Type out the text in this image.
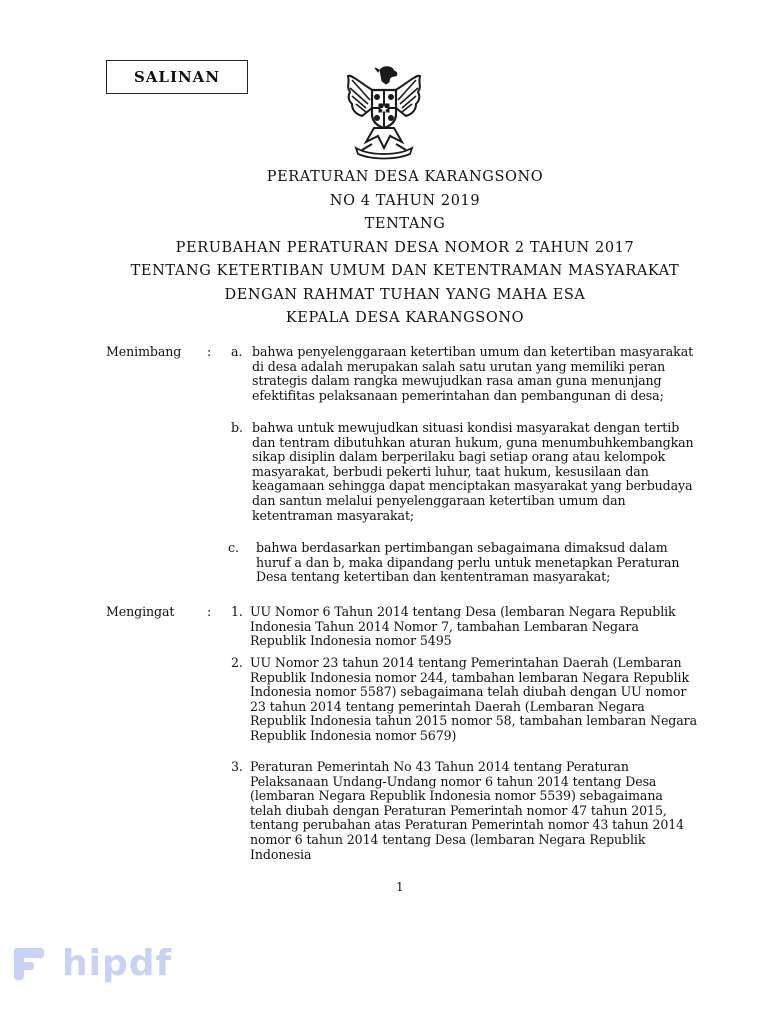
SALINAN
PERATURAN DESA KARANGSONO
NO 4 TAHUN 2019
TENTANG
PERUBAHAN PERATURAN DESA NOMOR 2 TAHUN 2017
TENTANG KETERTIBAN UMUM DAN KETENTRAMAN MASYARAKAT
DENGAN RAHMAT TUHAN YANG MAHA ESA
KEPALA DESA KARANGSONO
Menimbang : a. bahwa penyelenggaraan ketertiban umum dan ketertiban masyarakat di desa adalah merupakan salah satu urutan yang memiliki peran strategis dalam rangka mewujudkan rasa aman guna menunjang efektifitas pelaksanaan pemerintahan dan pembangunan di desa;
b. bahwa untuk mewujudkan situasi kondisi masyarakat dengan tertib dan tentram dibutuhkan aturan hukum, guna menumbuhkembangkan sikap disiplin dalam berperilaku bagi setiap orang atau kelompok masyarakat, berbudi pekerti luhur, taat hukum, kesusilaan dan keagamaan sehingga dapat menciptakan masyarakat yang berbudaya dan santun melalui penyelenggaraan ketertiban umum dan ketentraman masyarakat;
c. bahwa berdasarkan pertimbangan sebagaimana dimaksud dalam huruf a dan b, maka dipandang perlu untuk menetapkan Peraturan Desa tentang ketertiban dan kententraman masyarakat;
Mengingat	: 1. UU Nomor 6 Tahun 2014 tentang Desa (lembaran Negara Republik Indonesia Tahun 2014 Nomor 7, tambahan Lembaran Negara Republik Indonesia nomor 5495
2. UU Nomor 23 tahun 2014 tentang Pemerintahan Daerah (Lembaran Republik Indonesia nomor 244, tambahan lembaran Negara Republik Indonesia nomor 5587) sebagaimana telah diubah dengan UU nomor 23 tahun 2014 tentang pemerintah Daerah (Lembaran Negara Republik Indonesia tahun 2015 nomor 58, tambahan lembaran Negara Republik Indonesia nomor 5679)
3. Peraturan Pemerintah No 43 Tahun 2014 tentang Peraturan Pelaksanaan Undang-Undang nomor 6 tahun 2014 tentang Desa (lembaran Negara Republik Indonesia nomor 5539) sebagaimana telah diubah dengan Peraturan Pemerintah nomor 47 tahun 2015, tentang perubahan atas Peraturan Pemerintah nomor 43 tahun 2014 nomor 6 tahun 2014 tentang Desa (lembaran Negara Republik Indonesia
1
hipdf
